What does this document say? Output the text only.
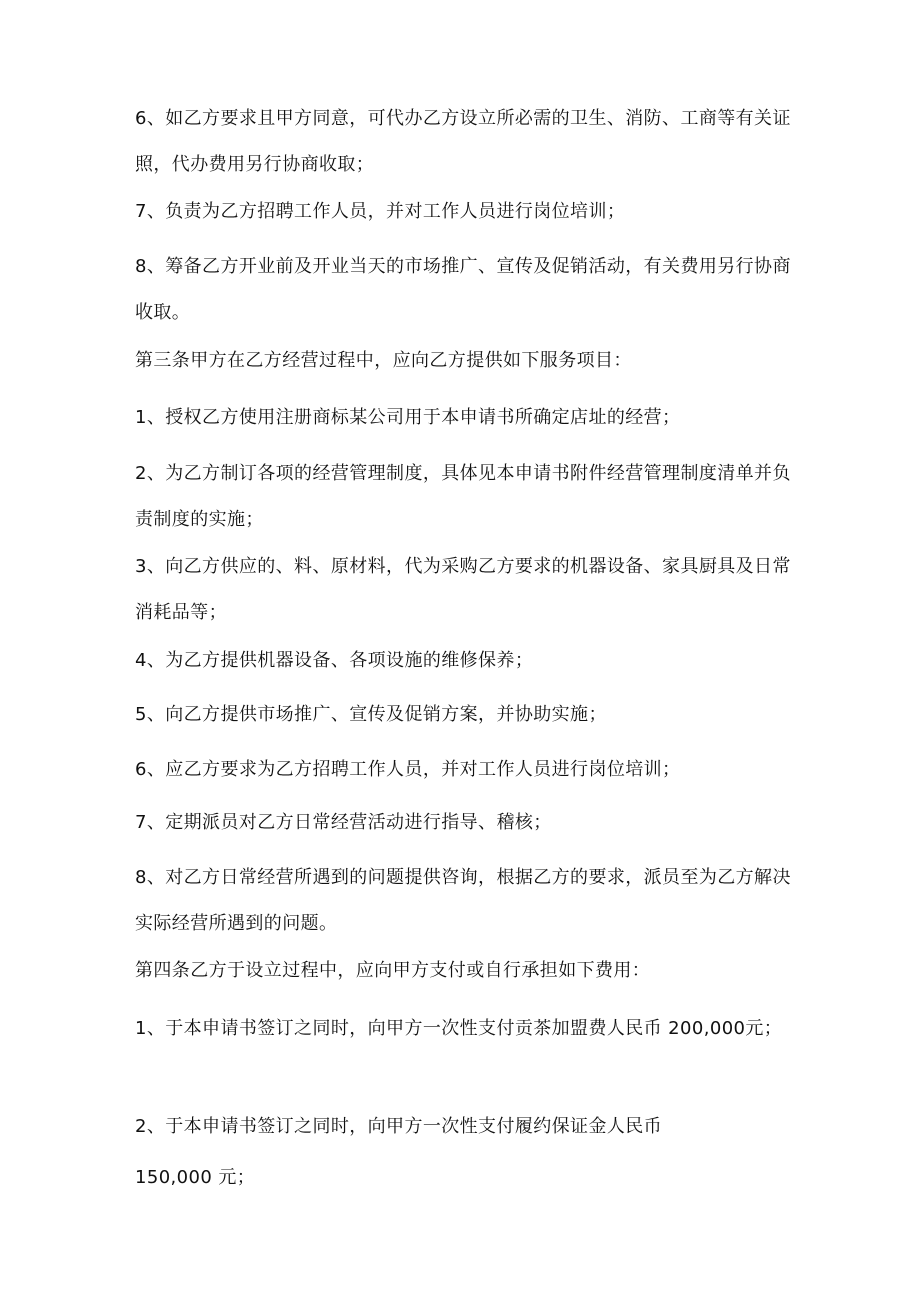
6、如乙方要求且甲方同意，可代办乙方设立所必需的卫生、消防、工商等有关证照，代办费用另行协商收取；

7、负责为乙方招聘工作人员，并对工作人员进行岗位培训；

8、筹备乙方开业前及开业当天的市场推广、宣传及促销活动，有关费用另行协商收取。

第三条甲方在乙方经营过程中，应向乙方提供如下服务项目：

1、授权乙方使用注册商标某公司用于本申请书所确定店址的经营；

2、为乙方制订各项的经营管理制度，具体见本申请书附件经营管理制度清单并负责制度的实施；

3、向乙方供应的、料、原材料，代为采购乙方要求的机器设备、家具厨具及日常消耗品等；

4、为乙方提供机器设备、各项设施的维修保养；

5、向乙方提供市场推广、宣传及促销方案，并协助实施；

6、应乙方要求为乙方招聘工作人员，并对工作人员进行岗位培训；

7、定期派员对乙方日常经营活动进行指导、稽核；

8、对乙方日常经营所遇到的问题提供咨询，根据乙方的要求，派员至为乙方解决实际经营所遇到的问题。

第四条乙方于设立过程中，应向甲方支付或自行承担如下费用：

1、于本申请书签订之同时，向甲方一次性支付贡茶加盟费人民币 200,000元；

2、于本申请书签订之同时，向甲方一次性支付履约保证金人民币

150,000 元；
